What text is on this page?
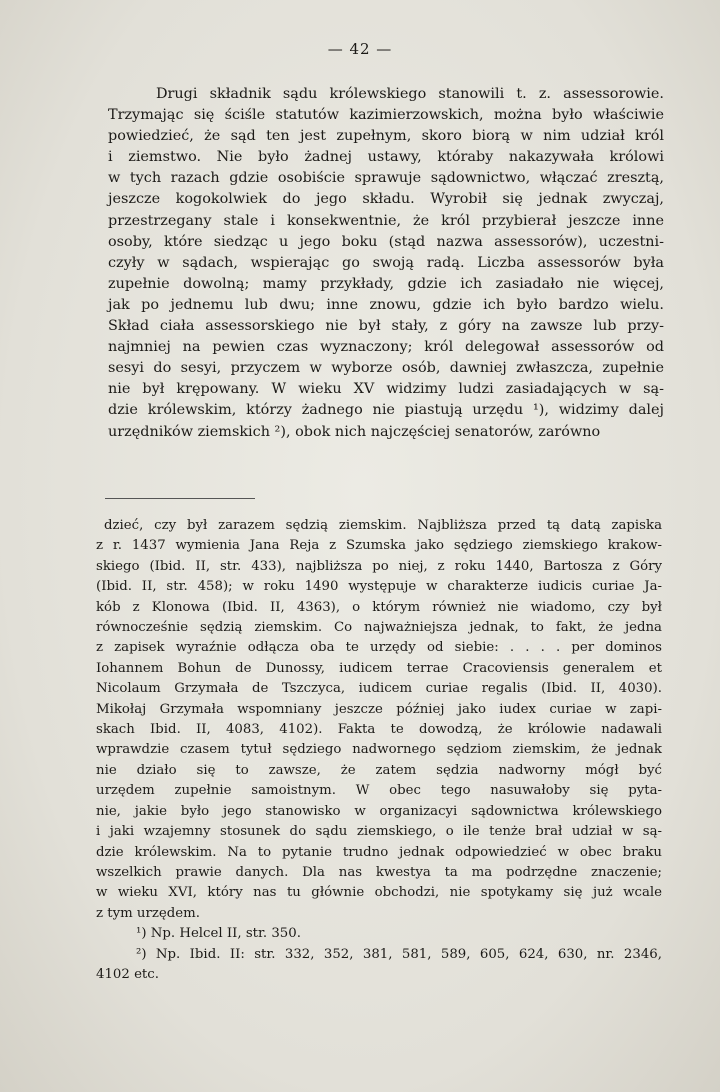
— 42 —
Drugi składnik sądu królewskiego stanowili t. z. assessorowie.
Trzymając się ściśle statutów kazimierzowskich, można było właściwie
powiedzieć, że sąd ten jest zupełnym, skoro biorą w nim udział król
i ziemstwo. Nie było żadnej ustawy, któraby nakazywała królowi
w tych razach gdzie osobiście sprawuje sądownictwo, włączać zresztą,
jeszcze kogokolwiek do jego składu. Wyrobił się jednak zwyczaj,
przestrzegany stale i konsekwentnie, że król przybierał jeszcze inne
osoby, które siedząc u jego boku (stąd nazwa assessorów), uczestni-
czyły w sądach, wspierając go swoją radą. Liczba assessorów była
zupełnie dowolną; mamy przykłady, gdzie ich zasiadało nie więcej,
jak po jednemu lub dwu; inne znowu, gdzie ich było bardzo wielu.
Skład ciała assessorskiego nie był stały, z góry na zawsze lub przy-
najmniej na pewien czas wyznaczony; król delegował assessorów od
sesyi do sesyi, przyczem w wyborze osób, dawniej zwłaszcza, zupełnie
nie był krępowany. W wieku XV widzimy ludzi zasiadających w są-
dzie królewskim, którzy żadnego nie piastują urzędu ¹), widzimy dalej
urzędników ziemskich ²), obok nich najczęściej senatorów, zarówno
dzieć, czy był zarazem sędzią ziemskim. Najbliższa przed tą datą zapiska
z r. 1437 wymienia Jana Reja z Szumska jako sędziego ziemskiego krakow-
skiego (Ibid. II, str. 433), najbliższa po niej, z roku 1440, Bartosza z Góry
(Ibid. II, str. 458); w roku 1490 występuje w charakterze iudicis curiae Ja-
kób z Klonowa (Ibid. II, 4363), o którym również nie wiadomo, czy był
równocześnie sędzią ziemskim. Co najważniejsza jednak, to fakt, że jedna
z zapisek wyraźnie odłącza oba te urzędy od siebie: . . . . per dominos
Iohannem Bohun de Dunossy, iudicem terrae Cracoviensis generalem et
Nicolaum Grzymała de Tszczyca, iudicem curiae regalis (Ibid. II, 4030).
Mikołaj Grzymała wspomniany jeszcze później jako iudex curiae w zapi-
skach Ibid. II, 4083, 4102). Fakta te dowodzą, że królowie nadawali
wprawdzie czasem tytuł sędziego nadwornego sędziom ziemskim, że jednak
nie działo się to zawsze, że zatem sędzia nadworny mógł być
urzędem zupełnie samoistnym. W obec tego nasuwałoby się pyta-
nie, jakie było jego stanowisko w organizacyi sądownictwa królewskiego
i jaki wzajemny stosunek do sądu ziemskiego, o ile tenże brał udział w są-
dzie królewskim. Na to pytanie trudno jednak odpowiedzieć w obec braku
wszelkich prawie danych. Dla nas kwestya ta ma podrzędne znaczenie;
w wieku XVI, który nas tu głównie obchodzi, nie spotykamy się już wcale
z tym urzędem.
¹) Np. Helcel II, str. 350.
²) Np. Ibid. II: str. 332, 352, 381, 581, 589, 605, 624, 630, nr. 2346,
4102 etc.
